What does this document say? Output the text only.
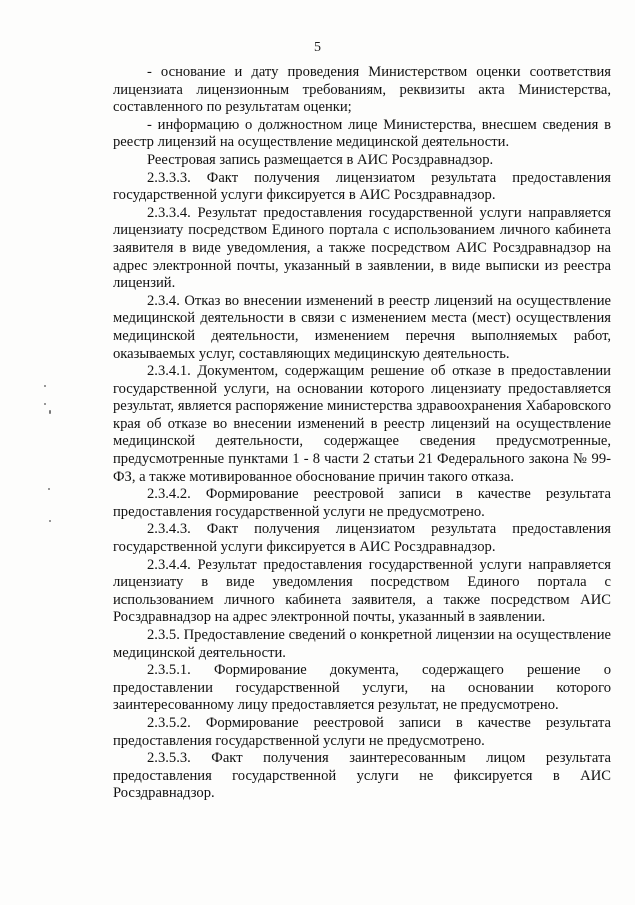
5

- основание и дату проведения Министерством оценки соответствия лицензиата лицензионным требованиям, реквизиты акта Министерства, составленного по результатам оценки;

- информацию о должностном лице Министерства, внесшем сведения в реестр лицензий на осуществление медицинской деятельности.

Реестровая запись размещается в АИС Росздравнадзор.

2.3.3.3. Факт получения лицензиатом результата предоставления государственной услуги фиксируется в АИС Росздравнадзор.

2.3.3.4. Результат предоставления государственной услуги направляется лицензиату посредством Единого портала с использованием личного кабинета заявителя в виде уведомления, а также посредством АИС Росздравнадзор на адрес электронной почты, указанный в заявлении, в виде выписки из реестра лицензий.

2.3.4. Отказ во внесении изменений в реестр лицензий на осуществление медицинской деятельности в связи с изменением места (мест) осуществления медицинской деятельности, изменением перечня выполняемых работ, оказываемых услуг, составляющих медицинскую деятельность.

2.3.4.1. Документом, содержащим решение об отказе в предоставлении государственной услуги, на основании которого лицензиату предоставляется результат, является распоряжение министерства здравоохранения Хабаровского края об отказе во внесении изменений в реестр лицензий на осуществление медицинской деятельности, содержащее сведения предусмотренные, предусмотренные пунктами 1 - 8 части 2 статьи 21 Федерального закона № 99-ФЗ, а также мотивированное обоснование причин такого отказа.

2.3.4.2. Формирование реестровой записи в качестве результата предоставления государственной услуги не предусмотрено.

2.3.4.3. Факт получения лицензиатом результата предоставления государственной услуги фиксируется в АИС Росздравнадзор.

2.3.4.4. Результат предоставления государственной услуги направляется лицензиату в виде уведомления посредством Единого портала с использованием личного кабинета заявителя, а также посредством АИС Росздравнадзор на адрес электронной почты, указанный в заявлении.

2.3.5. Предоставление сведений о конкретной лицензии на осуществление медицинской деятельности.

2.3.5.1. Формирование документа, содержащего решение о предоставлении государственной услуги, на основании которого заинтересованному лицу предоставляется результат, не предусмотрено.

2.3.5.2. Формирование реестровой записи в качестве результата предоставления государственной услуги не предусмотрено.

2.3.5.3. Факт получения заинтересованным лицом результата предоставления государственной услуги не фиксируется в АИС Росздравнадзор.
